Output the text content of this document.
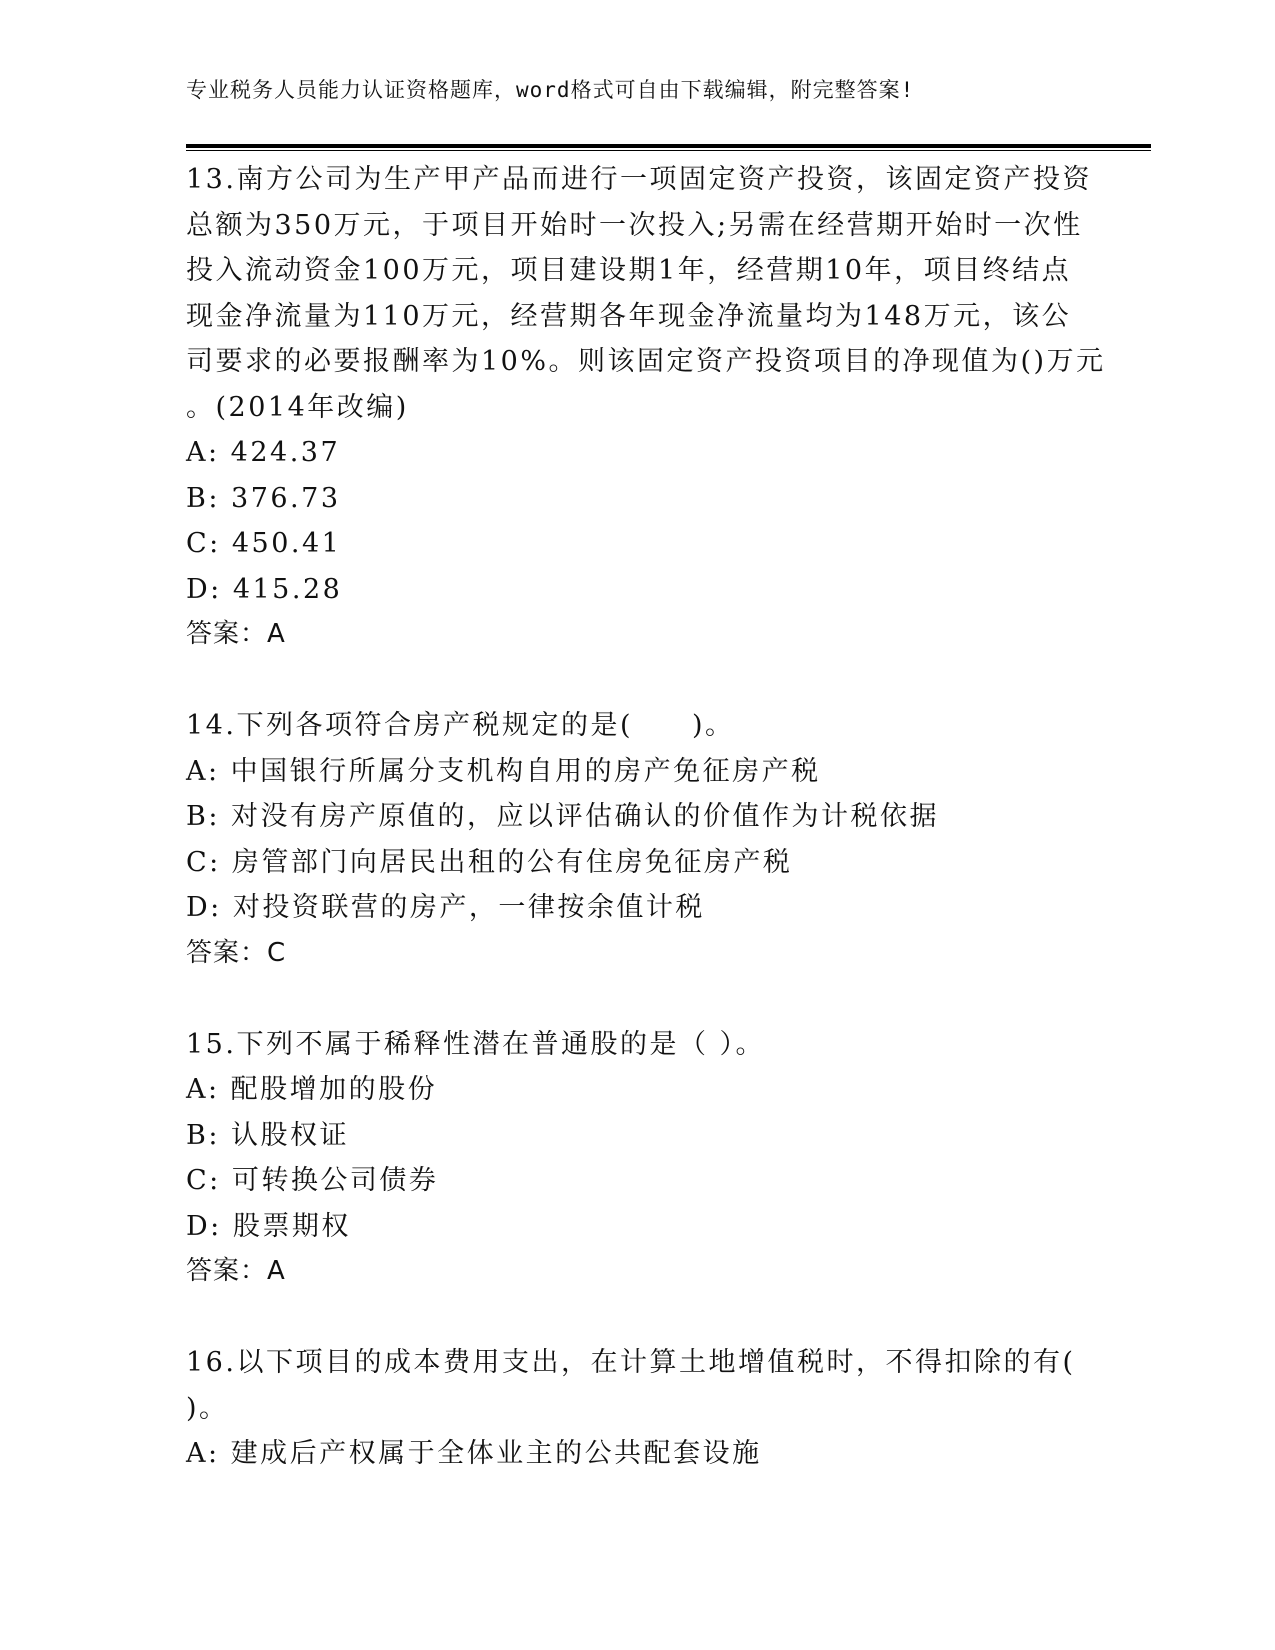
专业税务人员能力认证资格题库，word格式可自由下载编辑，附完整答案!

13.南方公司为生产甲产品而进行一项固定资产投资，该固定资产投资

总额为350万元，于项目开始时一次投入;另需在经营期开始时一次性

投入流动资金100万元，项目建设期1年，经营期10年，项目终结点

现金净流量为110万元，经营期各年现金净流量均为148万元，该公

司要求的必要报酬率为10%。则该固定资产投资项目的净现值为()万元

。(2014年改编)

A: 424.37

B: 376.73

C: 450.41

D: 415.28

答案：A

14.下列各项符合房产税规定的是(　　)。

A: 中国银行所属分支机构自用的房产免征房产税

B: 对没有房产原值的，应以评估确认的价值作为计税依据

C: 房管部门向居民出租的公有住房免征房产税

D: 对投资联营的房产，一律按余值计税

答案：C

15.下列不属于稀释性潜在普通股的是（ ）。

A: 配股增加的股份

B: 认股权证

C: 可转换公司债券

D: 股票期权

答案：A

16.以下项目的成本费用支出，在计算土地增值税时，不得扣除的有(

)。

A: 建成后产权属于全体业主的公共配套设施
